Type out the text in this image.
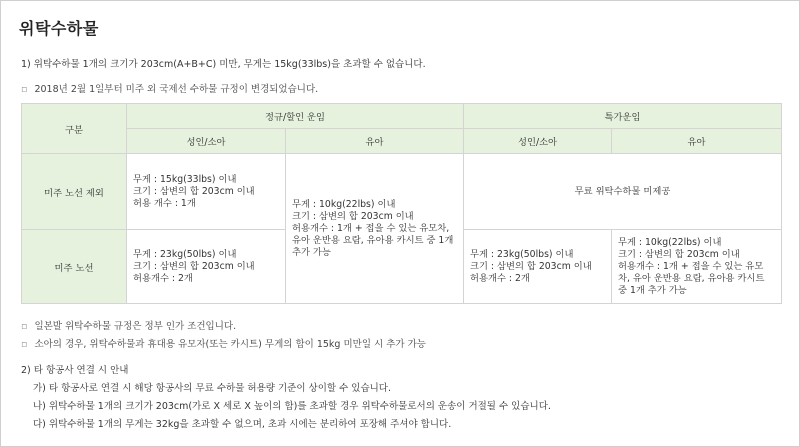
위탁수하물
1) 위탁수하물 1개의 크기가 203cm(A+B+C) 미만, 무게는 15kg(33lbs)을 초과할 수 없습니다.
▫ 2018년 2월 1일부터 미주 외 국제선 수하물 규정이 변경되었습니다.
구분	정규/할인 운임		특가운임	
	성인/소아	유아	성인/소아	유아
미주 노선 제외	무게 : 15kg(33lbs) 이내
크기 : 삼변의 합 203cm 이내
허용 개수 : 1개	무게 : 10kg(22lbs) 이내
크기 : 삼변의 합 203cm 이내
허용개수 : 1개 + 접을 수 있는 유모차, 유아 운반용 요람, 유아용 카시트 중 1개 추가 가능	무료 위탁수하물 미제공	
미주 노선	무게 : 23kg(50lbs) 이내
크기 : 삼변의 합 203cm 이내
허용개수 : 2개		무게 : 23kg(50lbs) 이내
크기 : 삼변의 합 203cm 이내
허용개수 : 2개	무게 : 10kg(22lbs) 이내
크기 : 삼변의 합 203cm 이내
허용개수 : 1개 + 접을 수 있는 유모차, 유아 운반용 요람, 유아용 카시트 중 1개 추가 가능
▫ 일본발 위탁수하물 규정은 정부 인가 조건입니다.
▫ 소아의 경우, 위탁수하물과 휴대용 유모자(또는 카시트) 무게의 합이 15kg 미만일 시 추가 가능
2) 타 항공사 연결 시 안내
가) 타 항공사로 연결 시 해당 항공사의 무료 수하물 허용량 기준이 상이할 수 있습니다.
나) 위탁수하물 1개의 크기가 203cm(가로 X 세로 X 높이의 합)를 초과할 경우 위탁수하물로서의 운송이 거절될 수 있습니다.
다) 위탁수하물 1개의 무게는 32kg을 초과할 수 없으며, 초과 시에는 분리하여 포장해 주셔야 합니다.
